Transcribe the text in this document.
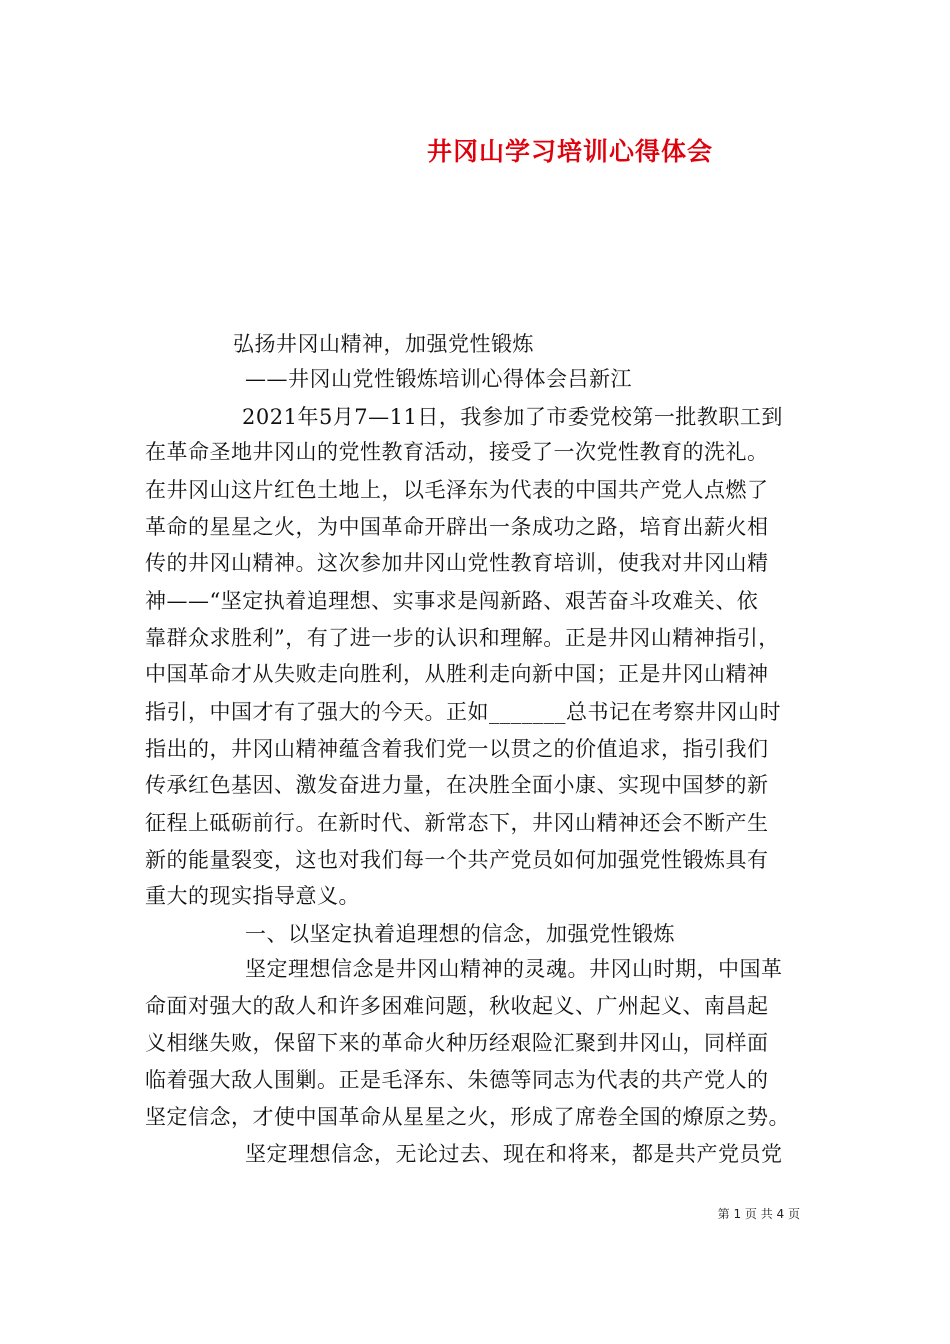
井冈山学习培训心得体会
弘扬井冈山精神，加强党性锻炼
——井冈山党性锻炼培训心得体会吕新江
2021年5月7—11日，我参加了市委党校第一批教职工到
在革命圣地井冈山的党性教育活动，接受了一次党性教育的洗礼。
在井冈山这片红色土地上，以毛泽东为代表的中国共产党人点燃了
革命的星星之火，为中国革命开辟出一条成功之路，培育出薪火相
传的井冈山精神。这次参加井冈山党性教育培训，使我对井冈山精
神——“坚定执着追理想、实事求是闯新路、艰苦奋斗攻难关、依
靠群众求胜利”，有了进一步的认识和理解。正是井冈山精神指引，
中国革命才从失败走向胜利，从胜利走向新中国；正是井冈山精神
指引，中国才有了强大的今天。正如_______总书记在考察井冈山时
指出的，井冈山精神蕴含着我们党一以贯之的价值追求，指引我们
传承红色基因、激发奋进力量，在决胜全面小康、实现中国梦的新
征程上砥砺前行。在新时代、新常态下，井冈山精神还会不断产生
新的能量裂变，这也对我们每一个共产党员如何加强党性锻炼具有
重大的现实指导意义。
一、以坚定执着追理想的信念，加强党性锻炼
坚定理想信念是井冈山精神的灵魂。井冈山时期，中国革
命面对强大的敌人和许多困难问题，秋收起义、广州起义、南昌起
义相继失败，保留下来的革命火种历经艰险汇聚到井冈山，同样面
临着强大敌人围剿。正是毛泽东、朱德等同志为代表的共产党人的
坚定信念，才使中国革命从星星之火，形成了席卷全国的燎原之势。
坚定理想信念，无论过去、现在和将来，都是共产党员党
第 1 页 共 4 页
